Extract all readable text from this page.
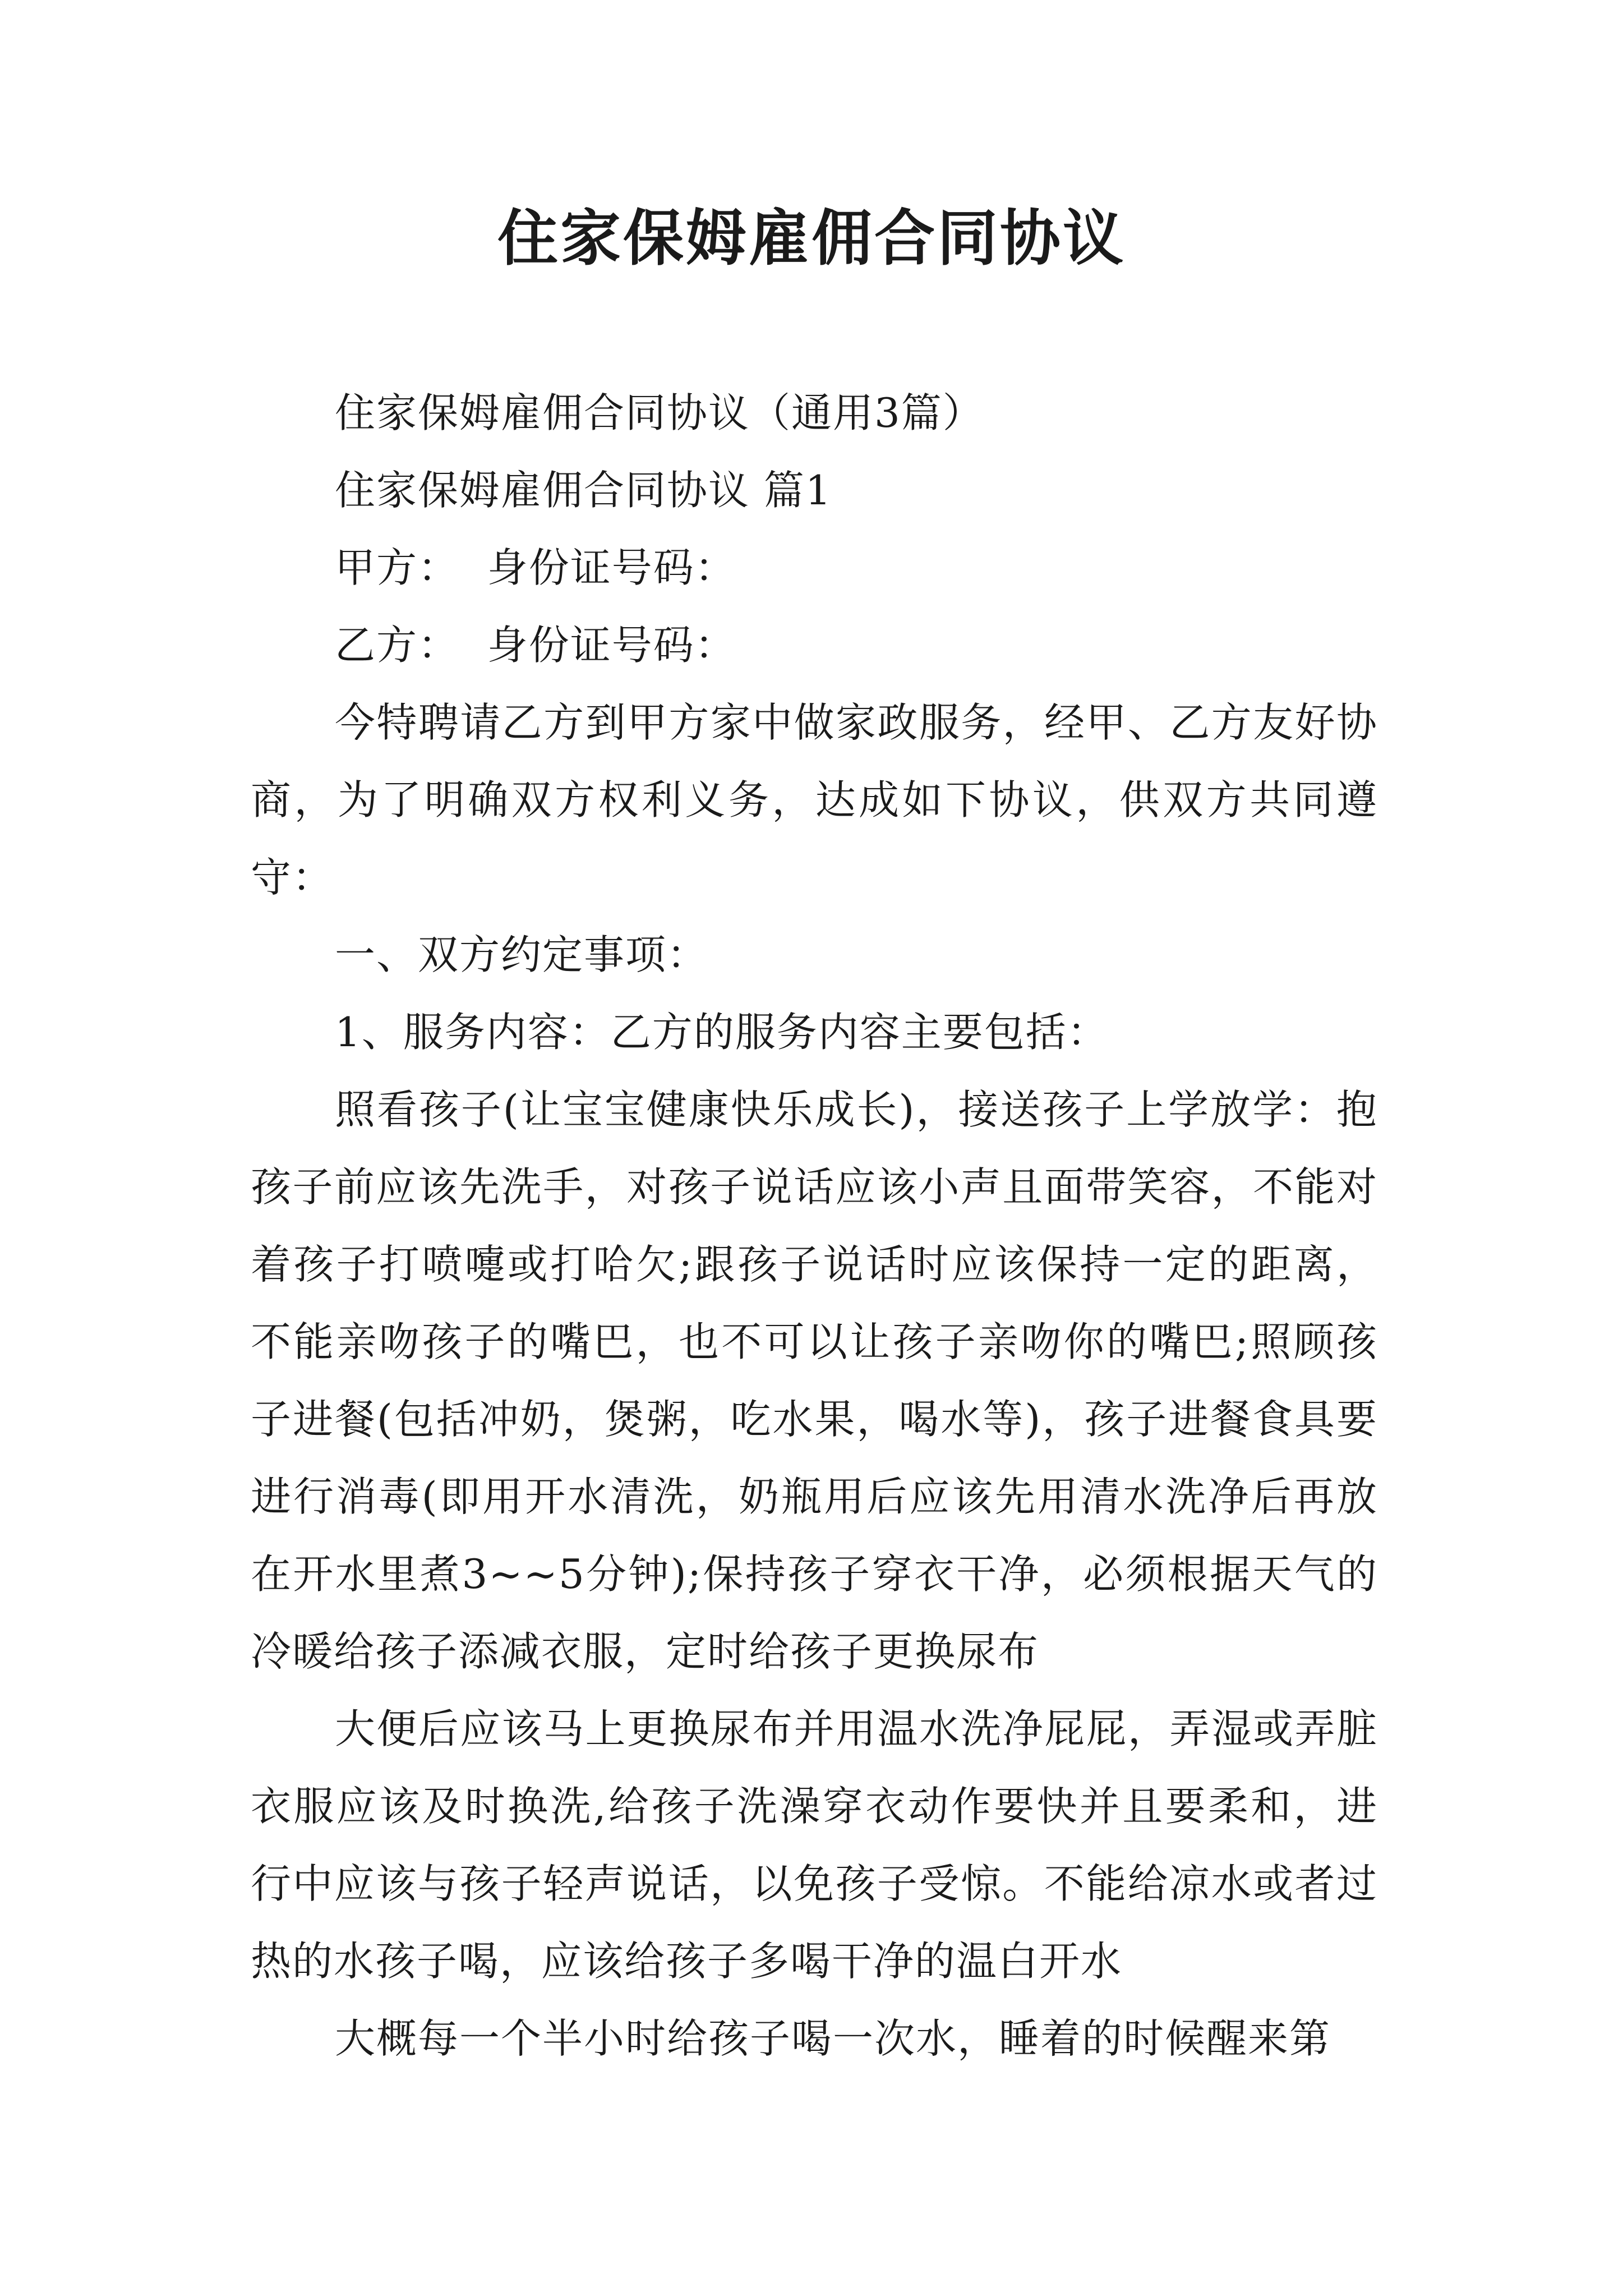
住家保姆雇佣合同协议

住家保姆雇佣合同协议（通用3篇）

住家保姆雇佣合同协议 篇1

甲方：  身份证号码：

乙方：  身份证号码：

今特聘请乙方到甲方家中做家政服务，经甲、乙方友好协商，为了明确双方权利义务，达成如下协议，供双方共同遵守：

一、双方约定事项：

1、服务内容：乙方的服务内容主要包括：

照看孩子(让宝宝健康快乐成长)，接送孩子上学放学：抱孩子前应该先洗手，对孩子说话应该小声且面带笑容，不能对着孩子打喷嚏或打哈欠;跟孩子说话时应该保持一定的距离，不能亲吻孩子的嘴巴，也不可以让孩子亲吻你的嘴巴;照顾孩子进餐(包括冲奶，煲粥，吃水果，喝水等)，孩子进餐食具要进行消毒(即用开水清洗，奶瓶用后应该先用清水洗净后再放在开水里煮3~~5分钟);保持孩子穿衣干净，必须根据天气的冷暖给孩子添减衣服，定时给孩子更换尿布

大便后应该马上更换尿布并用温水洗净屁屁，弄湿或弄脏衣服应该及时换洗,给孩子洗澡穿衣动作要快并且要柔和，进行中应该与孩子轻声说话，以免孩子受惊。不能给凉水或者过热的水孩子喝，应该给孩子多喝干净的温白开水

大概每一个半小时给孩子喝一次水，睡着的时候醒来第
